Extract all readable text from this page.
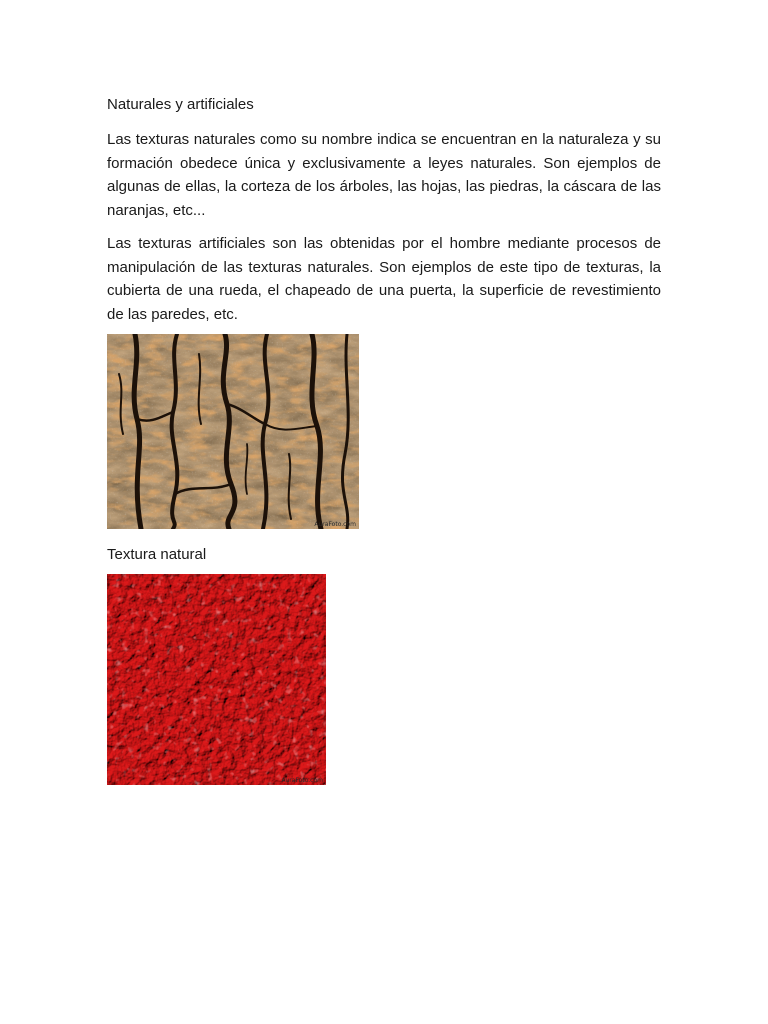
Naturales y artificiales

Las texturas naturales como su nombre indica se encuentran en la naturaleza y su formación obedece única y exclusivamente a leyes naturales. Son ejemplos de algunas de ellas, la corteza de los árboles, las hojas, las piedras, la cáscara de las naranjas, etc...

Las texturas artificiales son las obtenidas por el hombre mediante procesos de manipulación de las texturas naturales. Son ejemplos de este tipo de texturas, la cubierta de una rueda, el chapeado de una puerta, la superficie de revestimiento de las paredes, etc.

AuraFoto.com
Textura natural
AuraFoto.com
